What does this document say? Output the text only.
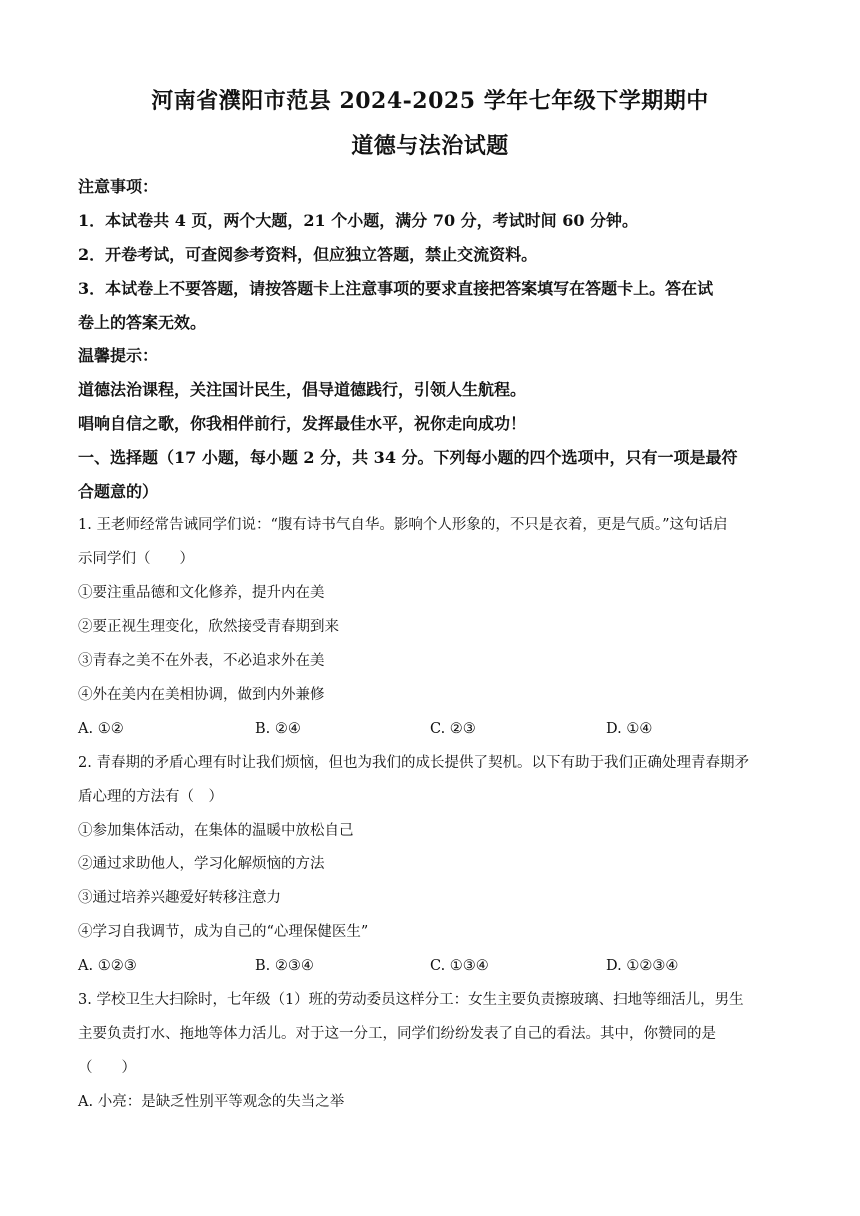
河南省濮阳市范县 2024-2025 学年七年级下学期期中
道德与法治试题
注意事项：
1．本试卷共 4 页，两个大题，21 个小题，满分 70 分，考试时间 60 分钟。
2．开卷考试，可查阅参考资料，但应独立答题，禁止交流资料。
3．本试卷上不要答题，请按答题卡上注意事项的要求直接把答案填写在答题卡上。答在试
卷上的答案无效。
温馨提示：
道德法治课程，关注国计民生，倡导道德践行，引领人生航程。
唱响自信之歌，你我相伴前行，发挥最佳水平，祝你走向成功！
一、选择题（17 小题，每小题 2 分，共 34 分。下列每小题的四个选项中，只有一项是最符
合题意的）
1. 王老师经常告诫同学们说：“腹有诗书气自华。影响个人形象的，不只是衣着，更是气质。”这句话启
示同学们（　　）
①要注重品德和文化修养，提升内在美
②要正视生理变化，欣然接受青春期到来
③青春之美不在外表，不必追求外在美
④外在美内在美相协调，做到内外兼修
A. ①②	B. ②④	C. ②③	D. ①④
2. 青春期的矛盾心理有时让我们烦恼，但也为我们的成长提供了契机。以下有助于我们正确处理青春期矛
盾心理的方法有（　）
①参加集体活动，在集体的温暖中放松自己
②通过求助他人，学习化解烦恼的方法
③通过培养兴趣爱好转移注意力
④学习自我调节，成为自己的“心理保健医生”
A. ①②③	B. ②③④	C. ①③④	D. ①②③④
3. 学校卫生大扫除时，七年级（1）班的劳动委员这样分工：女生主要负责擦玻璃、扫地等细活儿，男生
主要负责打水、拖地等体力活儿。对于这一分工，同学们纷纷发表了自己的看法。其中，你赞同的是
（　　）
A. 小亮：是缺乏性别平等观念的失当之举
